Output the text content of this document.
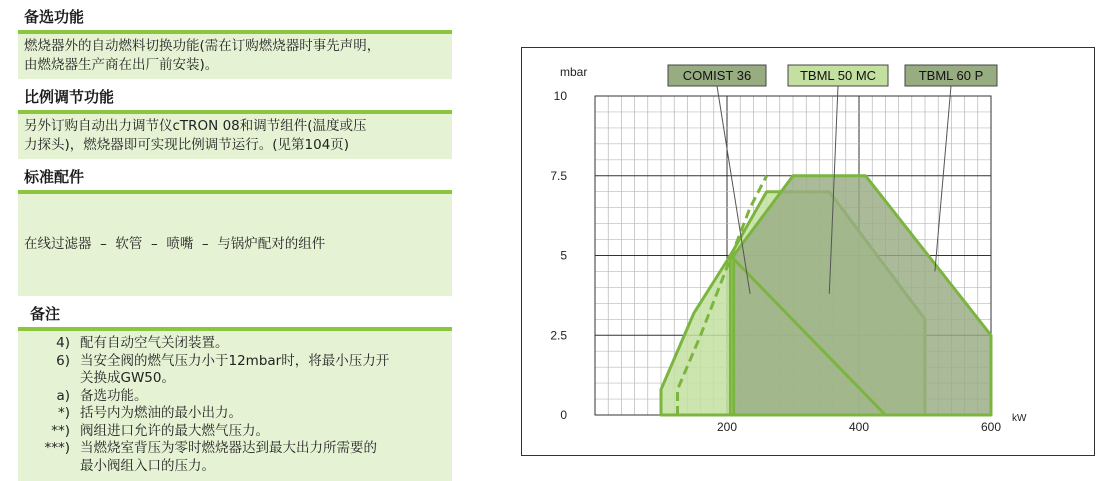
备选功能
燃烧器外的自动燃料切换功能(需在订购燃烧器时事先声明，
由燃烧器生产商在出厂前安装)。
比例调节功能
另外订购自动出力调节仪cTRON 08和调节组件(温度或压
力探头)，燃烧器即可实现比例调节运行。(见第104页)
标准配件

在线过滤器  –  软管  –  喷嘴  –  与锅炉配对的组件

备注
4) 配有自动空气关闭装置。
6) 当安全阀的燃气压力小于12mbar时，将最小压力开
关换成GW50。
a) 备选功能。
*) 括号内为燃油的最小出力。
**) 阀组进口允许的最大燃气压力。
***) 当燃烧室背压为零时燃烧器达到最大出力所需要的
最小阀组入口的压力。
0
2.5
5
7.5
10
200	400	600
COMIST 36	TBML 50 MC	TBML 60 P
mbar
kW
